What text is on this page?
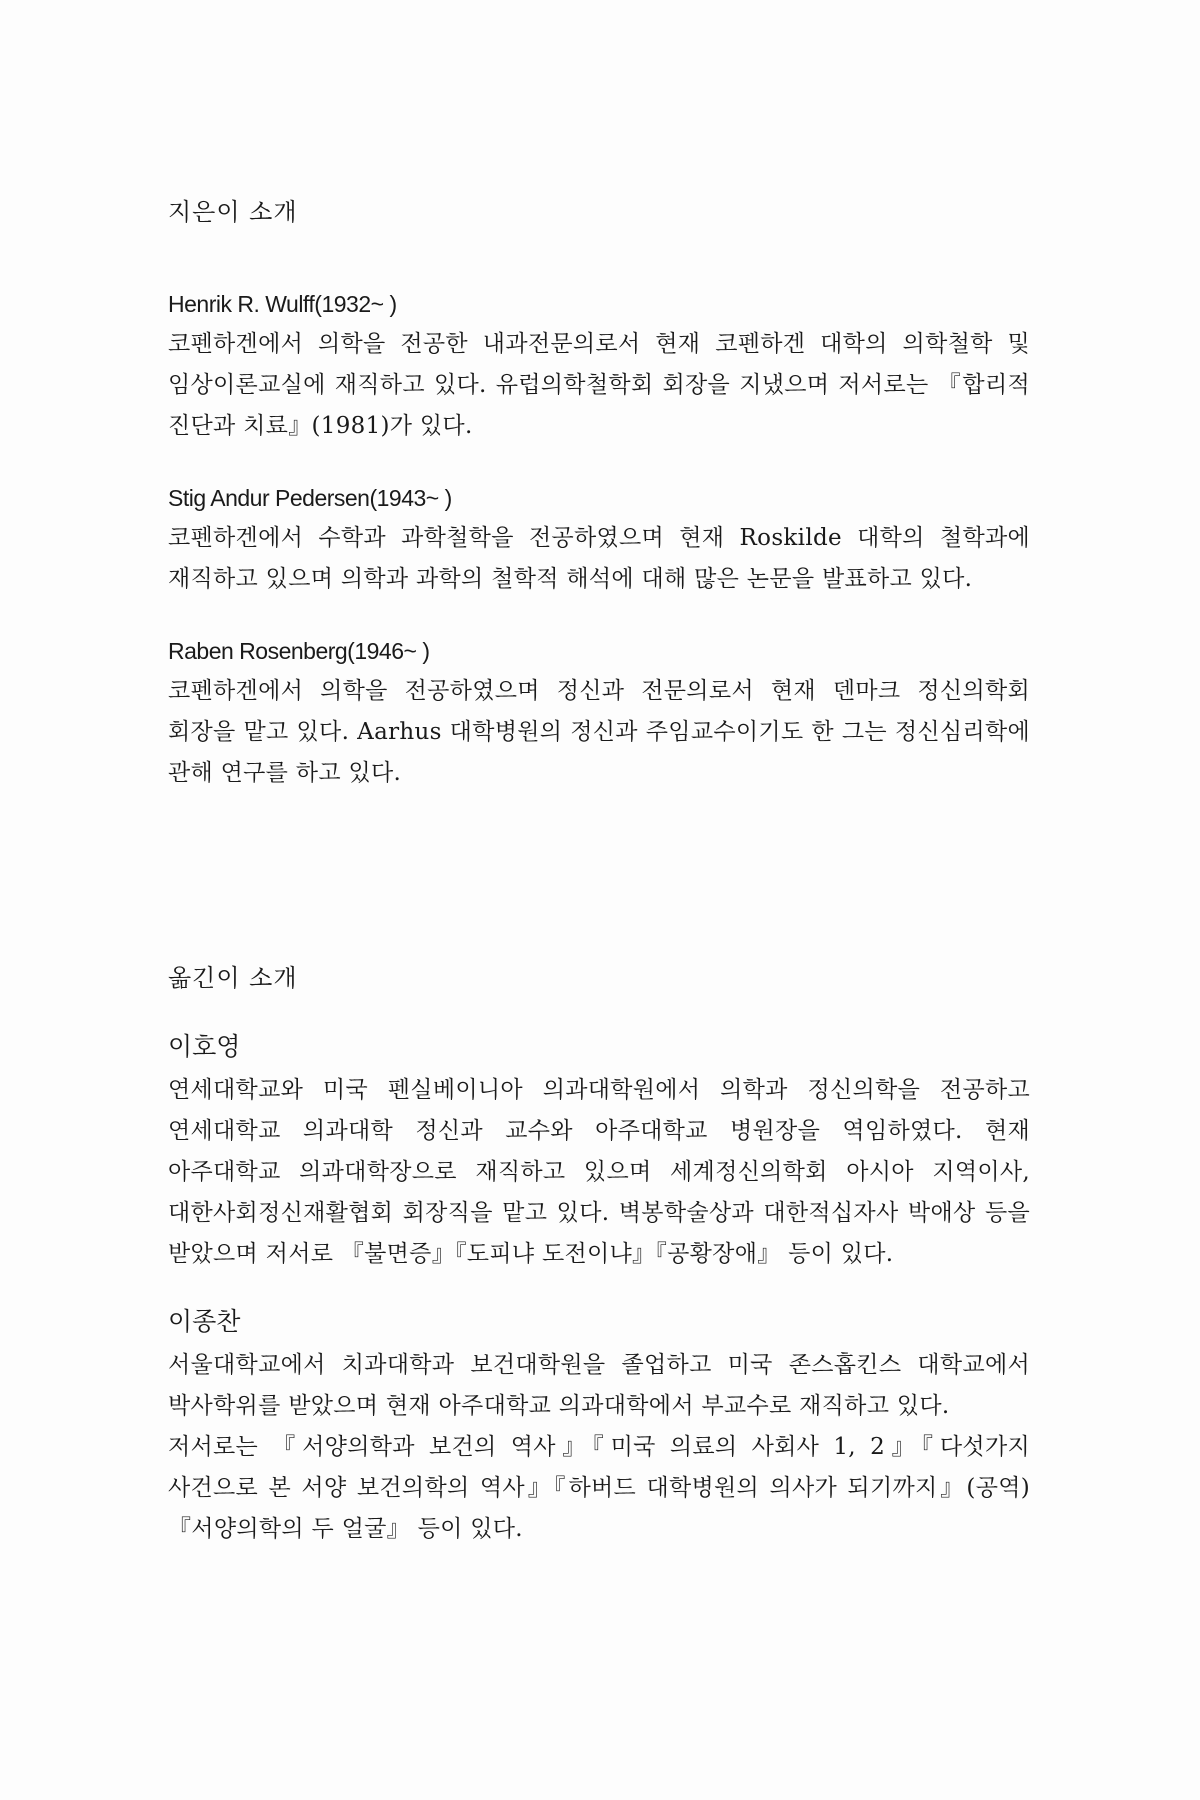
지은이 소개
Henrik R. Wulff(1932~ )

코펜하겐에서 의학을 전공한 내과전문의로서 현재 코펜하겐 대학의 의학철학 및 임상이론교실에 재직하고 있다. 유럽의학철학회 회장을 지냈으며 저서로는 『합리적 진단과 치료』(1981)가 있다.

Stig Andur Pedersen(1943~ )

코펜하겐에서 수학과 과학철학을 전공하였으며 현재 Roskilde 대학의 철학과에 재직하고 있으며 의학과 과학의 철학적 해석에 대해 많은 논문을 발표하고 있다.

Raben Rosenberg(1946~ )

코펜하겐에서 의학을 전공하였으며 정신과 전문의로서 현재 덴마크 정신의학회 회장을 맡고 있다. Aarhus 대학병원의 정신과 주임교수이기도 한 그는 정신심리학에 관해 연구를 하고 있다.

옮긴이 소개
이호영

연세대학교와 미국 펜실베이니아 의과대학원에서 의학과 정신의학을 전공하고 연세대학교 의과대학 정신과 교수와 아주대학교 병원장을 역임하였다. 현재 아주대학교 의과대학장으로 재직하고 있으며 세계정신의학회 아시아 지역이사, 대한사회정신재활협회 회장직을 맡고 있다. 벽봉학술상과 대한적십자사 박애상 등을 받았으며 저서로 『불면증』『도피냐 도전이냐』『공황장애』 등이 있다.

이종찬

서울대학교에서 치과대학과 보건대학원을 졸업하고 미국 존스홉킨스 대학교에서 박사학위를 받았으며 현재 아주대학교 의과대학에서 부교수로 재직하고 있다.

저서로는 『서양의학과 보건의 역사』『미국 의료의 사회사 1, 2』『다섯가지 사건으로 본 서양 보건의학의 역사』『하버드 대학병원의 의사가 되기까지』(공역) 『서양의학의 두 얼굴』 등이 있다.
